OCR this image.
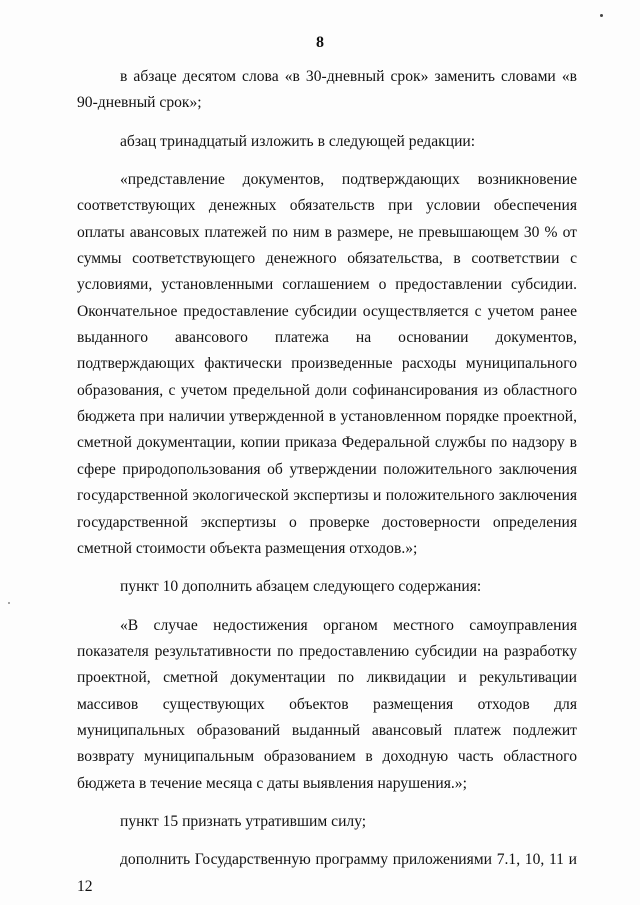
8

в абзаце десятом слова «в 30-дневный срок» заменить словами «в 90-дневный срок»;

абзац тринадцатый изложить в следующей редакции:

«представление документов, подтверждающих возникновение соответствующих денежных обязательств при условии обеспечения оплаты авансовых платежей по ним в размере, не превышающем 30 % от суммы соответствующего денежного обязательства, в соответствии с условиями, установленными соглашением о предоставлении субсидии. Окончательное предоставление субсидии осуществляется с учетом ранее выданного авансового платежа на основании документов, подтверждающих фактически произведенные расходы муниципального образования, с учетом предельной доли софинансирования из областного бюджета при наличии утвержденной в установленном порядке проектной, сметной документации, копии приказа Федеральной службы по надзору в сфере природопользования об утверждении положительного заключения государственной экологической экспертизы и положительного заключения государственной экспертизы о проверке достоверности определения сметной стоимости объекта размещения отходов.»;

пункт 10 дополнить абзацем следующего содержания:

«В случае недостижения органом местного самоуправления показателя результативности по предоставлению субсидии на разработку проектной, сметной документации по ликвидации и рекультивации массивов существующих объектов размещения отходов для муниципальных образований выданный авансовый платеж подлежит возврату муниципальным образованием в доходную часть областного бюджета в течение месяца с даты выявления нарушения.»;

пункт 15 признать утратившим силу;

дополнить Государственную программу приложениями 7.1, 10, 11 и 12
